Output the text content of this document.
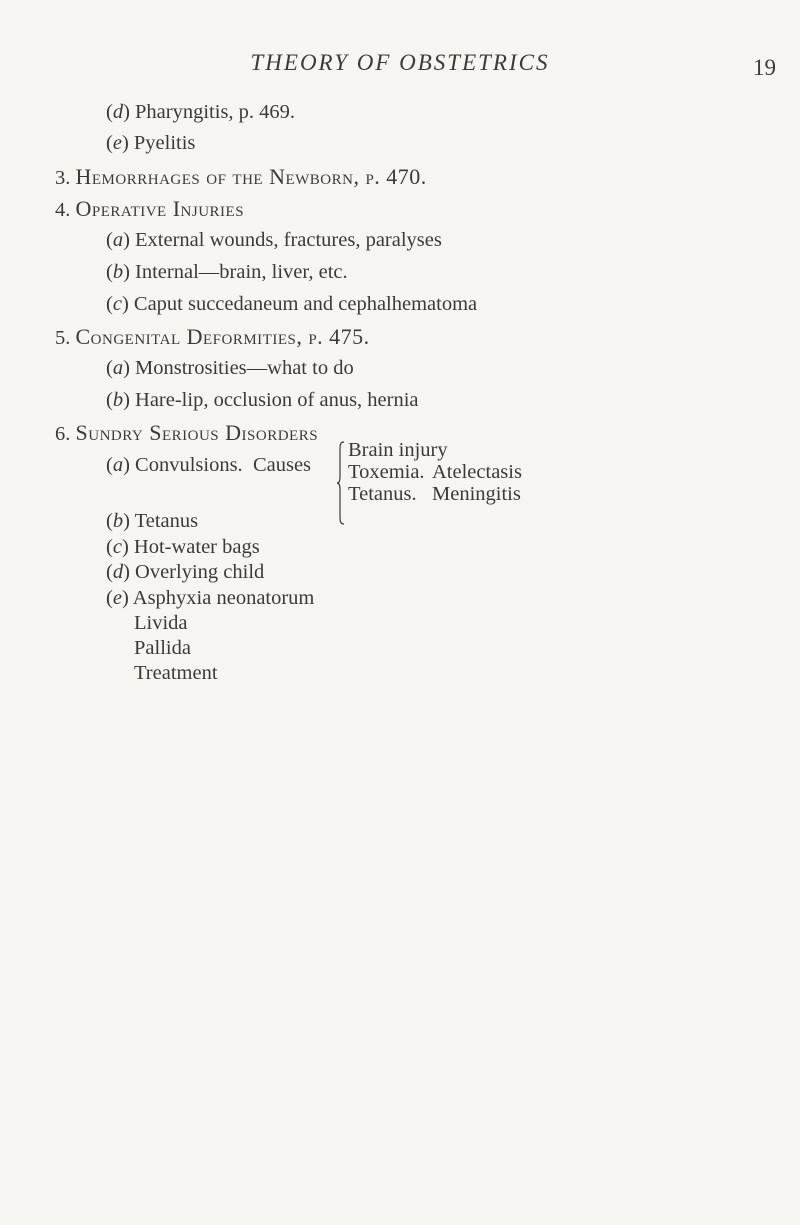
THEORY OF OBSTETRICS	19
(d) Pharyngitis, p. 469.
(e) Pyelitis
3. Hemorrhages of the Newborn, p. 470.
4. Operative Injuries
(a) External wounds, fractures, paralyses
(b) Internal—brain, liver, etc.
(c) Caput succedaneum and cephalhematoma
5. Congenital Deformities, p. 475.
(a) Monstrosities—what to do
(b) Hare-lip, occlusion of anus, hernia
6. Sundry Serious Disorders
(a) Convulsions. Causes
Brain injury
Toxemia. Atelectasis
Tetanus. Meningitis
(b) Tetanus
(c) Hot-water bags
(d) Overlying child
(e) Asphyxia neonatorum
Livida
Pallida
Treatment
